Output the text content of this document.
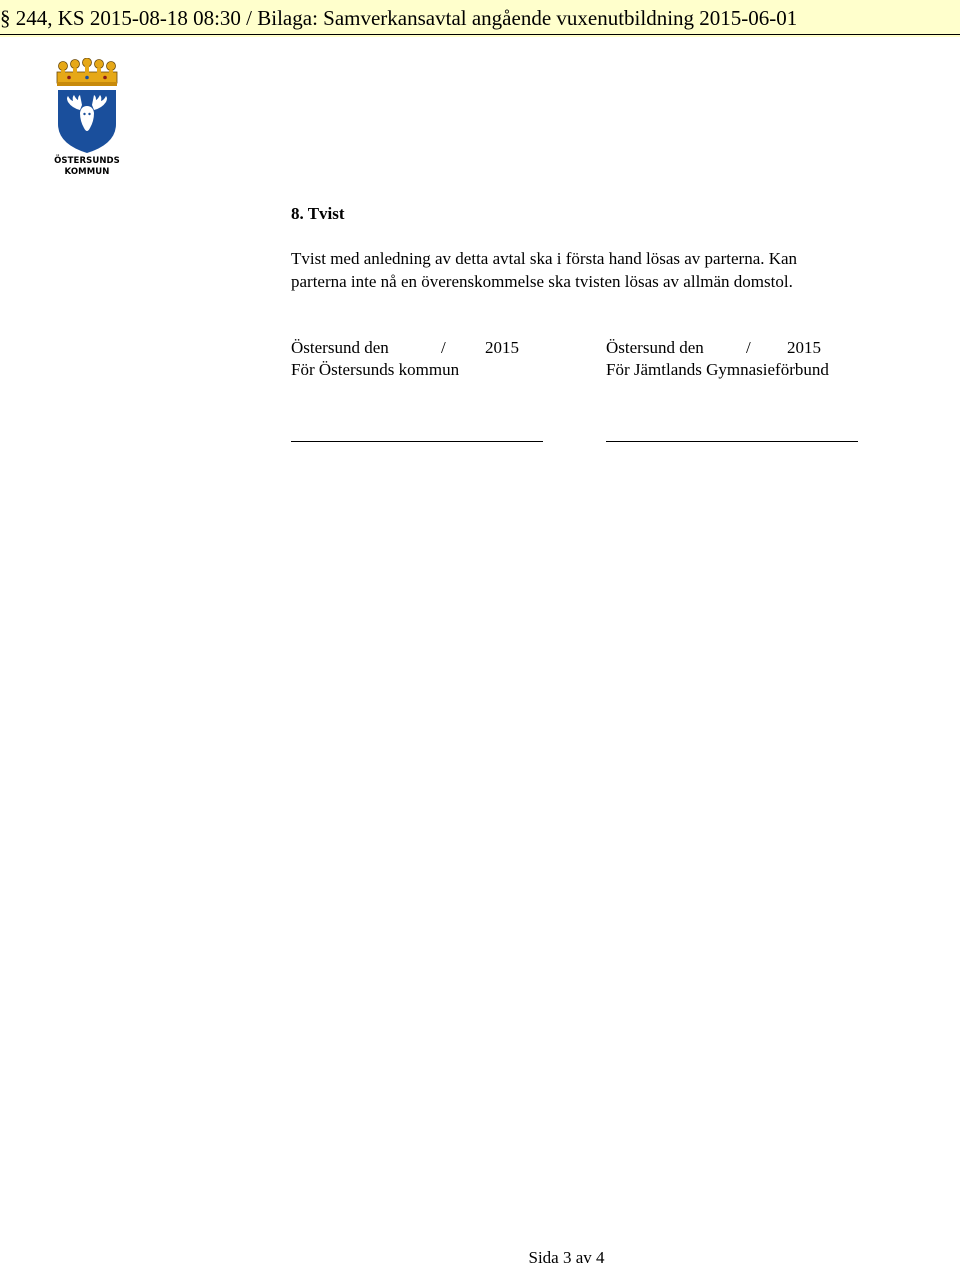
§ 244, KS 2015-08-18 08:30 / Bilaga: Samverkansavtal angående vuxenutbildning 2015-06-01
ÖSTERSUNDS
KOMMUN
8. Tvist
Tvist med anledning av detta avtal ska i första hand lösas av parterna. Kan
parterna inte nå en överenskommelse ska tvisten lösas av allmän domstol.
Östersund den	/ 2015
För Östersunds kommun
Östersund den / 2015
För Jämtlands Gymnasieförbund
Sida 3 av 4
